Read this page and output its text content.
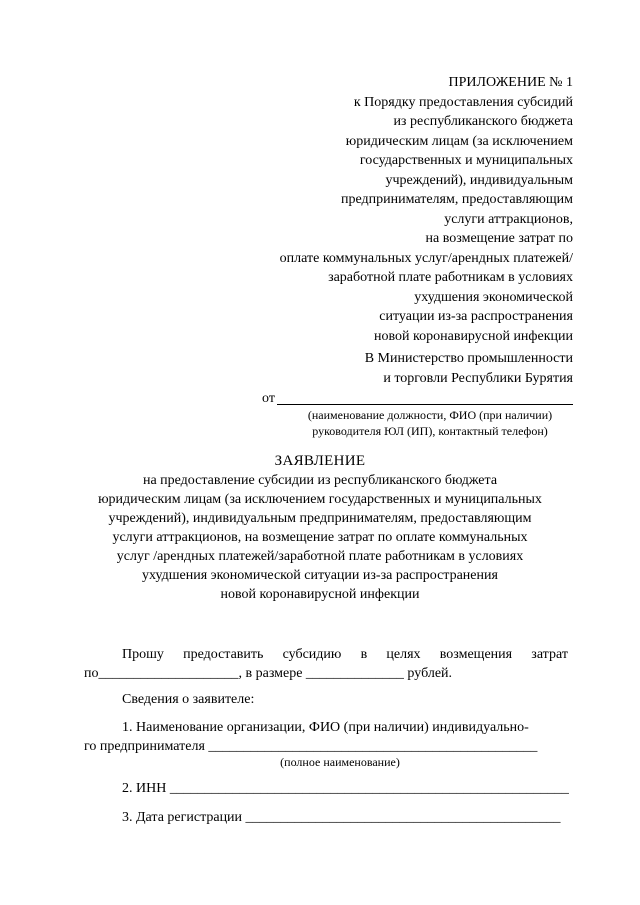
ПРИЛОЖЕНИЕ № 1
к Порядку предоставления субсидий
из республиканского бюджета
юридическим лицам (за исключением
государственных и муниципальных
учреждений), индивидуальным
предпринимателям, предоставляющим
услуги аттракционов,
на возмещение затрат по
оплате коммунальных услуг/арендных платежей/
заработной плате работникам в условиях
ухудшения экономической
ситуации из-за распространения
новой коронавирусной инфекции
В Министерство промышленности
и торговли Республики Бурятия
от
(наименование должности, ФИО (при наличии)
руководителя ЮЛ (ИП), контактный телефон)
ЗАЯВЛЕНИЕ
на предоставление субсидии из республиканского бюджета
юридическим лицам (за исключением государственных и муниципальных
учреждений), индивидуальным предпринимателям, предоставляющим
услуги аттракционов, на возмещение затрат по оплате коммунальных
услуг /арендных платежей/заработной плате работникам в условиях
ухудшения экономической ситуации из-за распространения
новой коронавирусной инфекции
Прошу предоставить субсидию в целях возмещения затрат
по____________________, в размере ______________ рублей.
Сведения о заявителе:
1. Наименование организации, ФИО (при наличии) индивидуально-
го предпринимателя _______________________________________________
(полное наименование)
2. ИНН _________________________________________________________
3. Дата регистрации _____________________________________________
